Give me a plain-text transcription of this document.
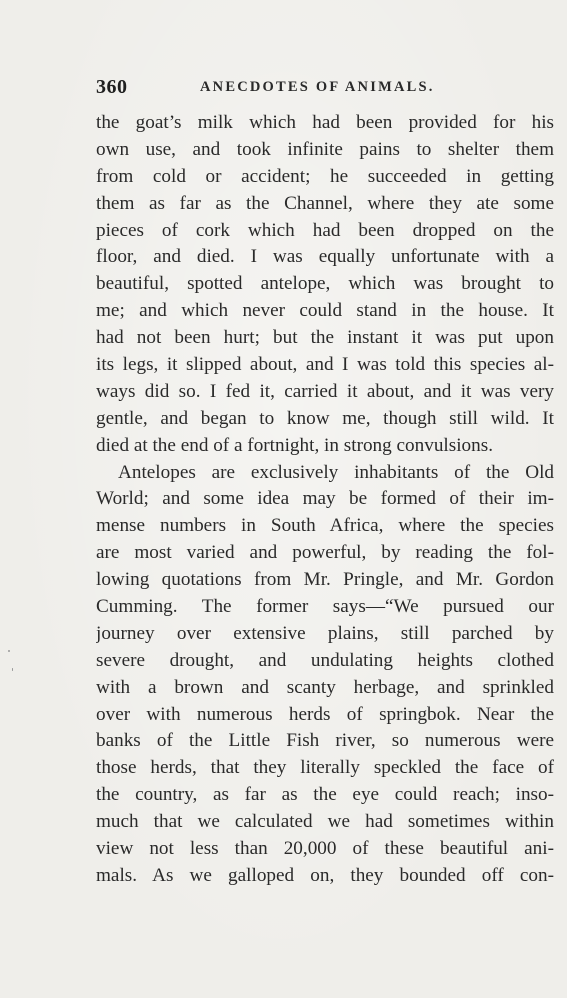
360	ANECDOTES OF ANIMALS.
the goat’s milk which had been provided for his
own use, and took infinite pains to shelter them
from cold or accident; he succeeded in getting
them as far as the Channel, where they ate some
pieces of cork which had been dropped on the
floor, and died. I was equally unfortunate with a
beautiful, spotted antelope, which was brought to
me; and which never could stand in the house. It
had not been hurt; but the instant it was put upon
its legs, it slipped about, and I was told this species al-
ways did so. I fed it, carried it about, and it was very
gentle, and began to know me, though still wild. It
died at the end of a fortnight, in strong convulsions.
Antelopes are exclusively inhabitants of the Old
World; and some idea may be formed of their im-
mense numbers in South Africa, where the species
are most varied and powerful, by reading the fol-
lowing quotations from Mr. Pringle, and Mr. Gordon
Cumming. The former says—“We pursued our
journey over extensive plains, still parched by
severe drought, and undulating heights clothed
with a brown and scanty herbage, and sprinkled
over with numerous herds of springbok. Near the
banks of the Little Fish river, so numerous were
those herds, that they literally speckled the face of
the country, as far as the eye could reach; inso-
much that we calculated we had sometimes within
view not less than 20,000 of these beautiful ani-
mals. As we galloped on, they bounded off con-
